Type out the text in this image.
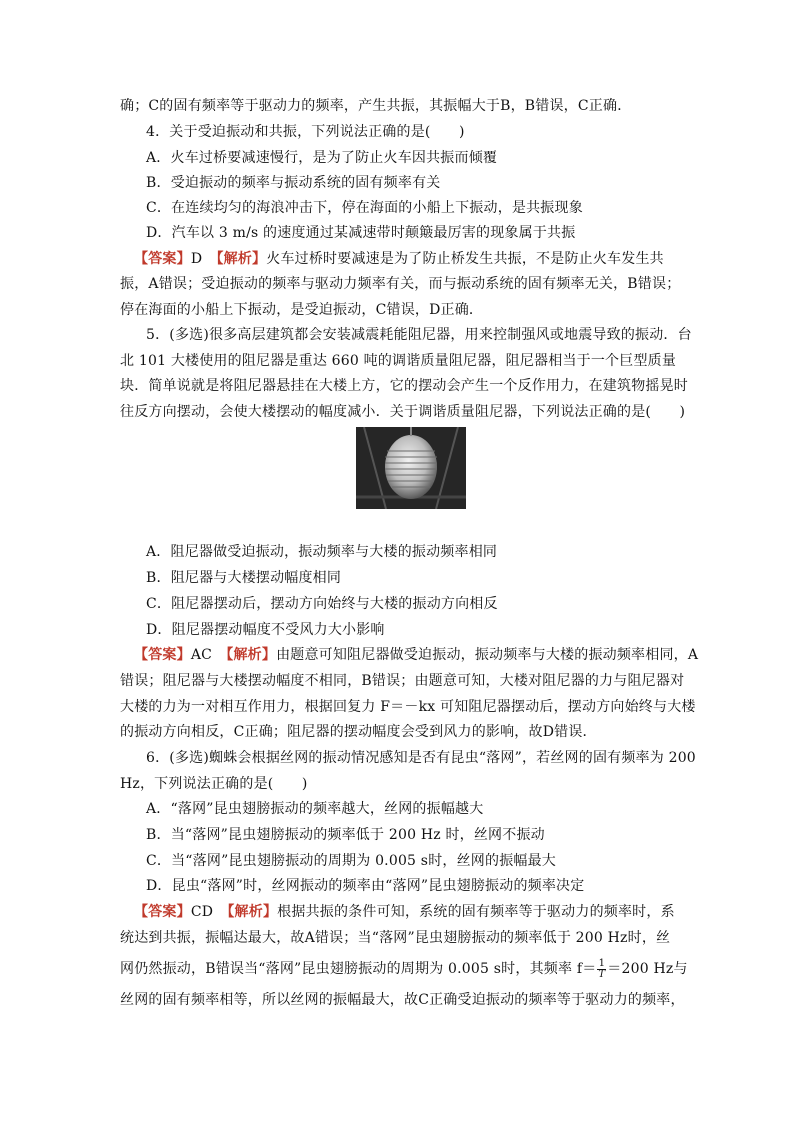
确；C的固有频率等于驱动力的频率，产生共振，其振幅大于B，B错误，C正确．
4．关于受迫振动和共振，下列说法正确的是(　　)
A．火车过桥要减速慢行，是为了防止火车因共振而倾覆
B．受迫振动的频率与振动系统的固有频率有关
C．在连续均匀的海浪冲击下，停在海面的小船上下振动，是共振现象
D．汽车以 3 m/s 的速度通过某减速带时颠簸最厉害的现象属于共振
【答案】D　【解析】火车过桥时要减速是为了防止桥发生共振，不是防止火车发生共
振，A错误；受迫振动的频率与驱动力频率有关，而与振动系统的固有频率无关，B错误；
停在海面的小船上下振动，是受迫振动，C错误，D正确．
5．(多选)很多高层建筑都会安装减震耗能阻尼器，用来控制强风或地震导致的振动．台
北 101 大楼使用的阻尼器是重达 660 吨的调谐质量阻尼器，阻尼器相当于一个巨型质量
块．简单说就是将阻尼器悬挂在大楼上方，它的摆动会产生一个反作用力，在建筑物摇晃时
往反方向摆动，会使大楼摆动的幅度减小．关于调谐质量阻尼器，下列说法正确的是(　　)
A．阻尼器做受迫振动，振动频率与大楼的振动频率相同
B．阻尼器与大楼摆动幅度相同
C．阻尼器摆动后，摆动方向始终与大楼的振动方向相反
D．阻尼器摆动幅度不受风力大小影响
【答案】AC　【解析】由题意可知阻尼器做受迫振动，振动频率与大楼的振动频率相同，A
错误；阻尼器与大楼摆动幅度不相同，B错误；由题意可知，大楼对阻尼器的力与阻尼器对
大楼的力为一对相互作用力，根据回复力 F＝－kx 可知阻尼器摆动后，摆动方向始终与大楼
的振动方向相反，C正确；阻尼器的摆动幅度会受到风力的影响，故D错误．
6．(多选)蜘蛛会根据丝网的振动情况感知是否有昆虫“落网”，若丝网的固有频率为 200
Hz，下列说法正确的是(　　)
A．“落网”昆虫翅膀振动的频率越大，丝网的振幅越大
B．当“落网”昆虫翅膀振动的频率低于 200 Hz 时，丝网不振动
C．当“落网”昆虫翅膀振动的周期为 0.005 s时，丝网的振幅最大
D．昆虫“落网”时，丝网振动的频率由“落网”昆虫翅膀振动的频率决定
【答案】CD　【解析】根据共振的条件可知，系统的固有频率等于驱动力的频率时，系
统达到共振，振幅达最大，故A错误；当“落网”昆虫翅膀振动的频率低于 200 Hz时，丝
网仍然振动，B错误当“落网”昆虫翅膀振动的周期为 0.005 s时，其频率 $f= \frac{1}{T} =200$ Hz与
丝网的固有频率相等，所以丝网的振幅最大，故C正确受迫振动的频率等于驱动力的频率，
